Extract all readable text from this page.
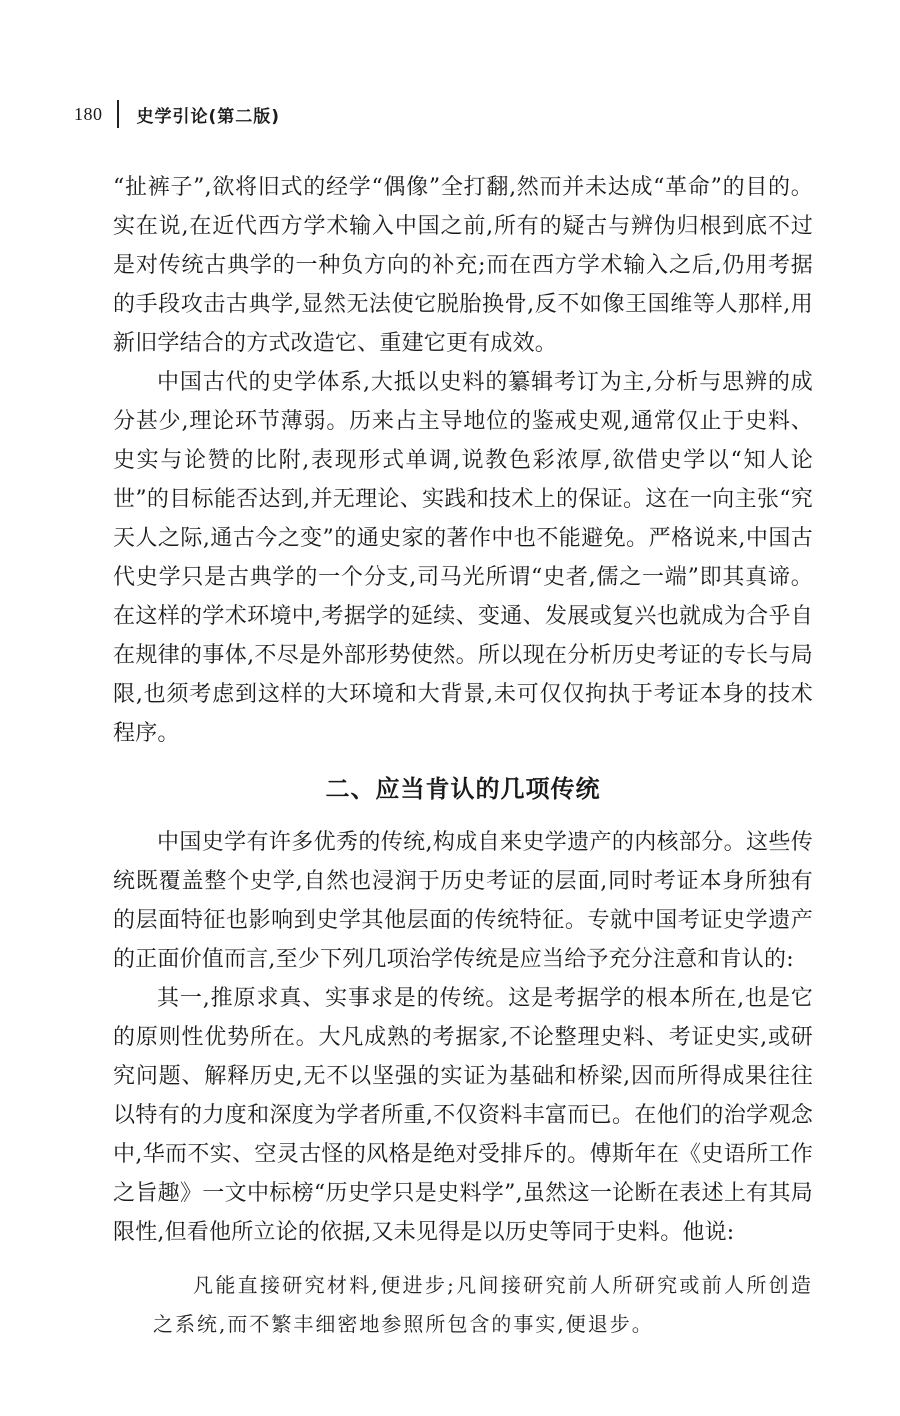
180 史学引论(第二版)

“扯裤子”,欲将旧式的经学“偶像”全打翻,然而并未达成“革命”的目的。实在说,在近代西方学术输入中国之前,所有的疑古与辨伪归根到底不过是对传统古典学的一种负方向的补充;而在西方学术输入之后,仍用考据的手段攻击古典学,显然无法使它脱胎换骨,反不如像王国维等人那样,用新旧学结合的方式改造它、重建它更有成效。

中国古代的史学体系,大抵以史料的纂辑考订为主,分析与思辨的成分甚少,理论环节薄弱。历来占主导地位的鉴戒史观,通常仅止于史料、史实与论赞的比附,表现形式单调,说教色彩浓厚,欲借史学以“知人论世”的目标能否达到,并无理论、实践和技术上的保证。这在一向主张“究天人之际,通古今之变”的通史家的著作中也不能避免。严格说来,中国古代史学只是古典学的一个分支,司马光所谓“史者,儒之一端”即其真谛。在这样的学术环境中,考据学的延续、变通、发展或复兴也就成为合乎自在规律的事体,不尽是外部形势使然。所以现在分析历史考证的专长与局限,也须考虑到这样的大环境和大背景,未可仅仅拘执于考证本身的技术程序。

二、应当肯认的几项传统

中国史学有许多优秀的传统,构成自来史学遗产的内核部分。这些传统既覆盖整个史学,自然也浸润于历史考证的层面,同时考证本身所独有的层面特征也影响到史学其他层面的传统特征。专就中国考证史学遗产的正面价值而言,至少下列几项治学传统是应当给予充分注意和肯认的:

其一,推原求真、实事求是的传统。这是考据学的根本所在,也是它的原则性优势所在。大凡成熟的考据家,不论整理史料、考证史实,或研究问题、解释历史,无不以坚强的实证为基础和桥梁,因而所得成果往往以特有的力度和深度为学者所重,不仅资料丰富而已。在他们的治学观念中,华而不实、空灵古怪的风格是绝对受排斥的。傅斯年在《史语所工作之旨趣》一文中标榜“历史学只是史料学”,虽然这一论断在表述上有其局限性,但看他所立论的依据,又未见得是以历史等同于史料。他说:

凡能直接研究材料,便进步;凡间接研究前人所研究或前人所创造之系统,而不繁丰细密地参照所包含的事实,便退步。
